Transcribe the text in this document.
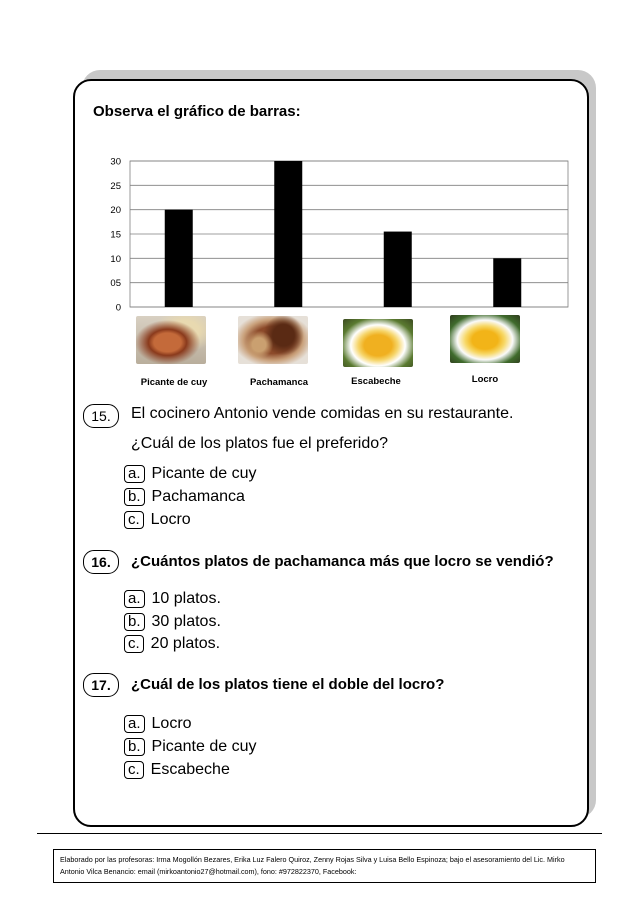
Observa el gráfico de barras:
0
05
10
15
20
25
30
Picante de cuy	Pachamanca	Escabeche	Locro
15.	El cocinero Antonio vende comidas en su restaurante.
¿Cuál de los platos fue el preferido?
a. Picante de cuy
b. Pachamanca
c. Locro
16.	¿Cuántos platos de pachamanca más que locro se vendió?
a. 10 platos.
b. 30 platos.
c. 20 platos.
17.	¿Cuál de los platos tiene el doble del locro?
a. Locro
b. Picante de cuy
c. Escabeche
Elaborado por las profesoras: Irma Mogollón Bezares, Erika Luz Falero Quiroz, Zenny Rojas Silva y Luisa Bello Espinoza; bajo el asesoramiento del Lic. Mirko
Antonio Vilca Benancio: email (mirkoantonio27@hotmail.com), fono: #972822370, Facebook:
